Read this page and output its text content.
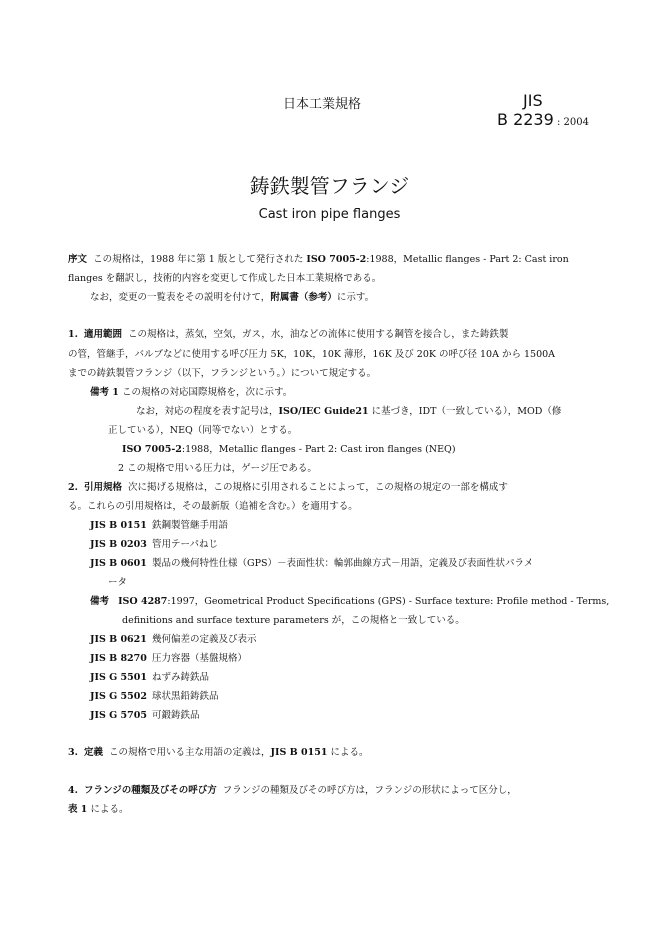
日本工業規格	JIS
B 2239 : 2004
鋳鉄製管フランジ
Cast iron pipe flanges
序文 この規格は，1988 年に第 1 版として発行された ISO 7005-2:1988，Metallic flanges - Part 2: Cast iron
flanges を翻訳し，技術的内容を変更して作成した日本工業規格である。
なお，変更の一覧表をその説明を付けて，附属書（参考）に示す。
1. 適用範囲 この規格は，蒸気，空気，ガス，水，油などの流体に使用する鋼管を接合し，また鋳鉄製
の管，管継手，バルブなどに使用する呼び圧力 5K，10K，10K 薄形，16K 及び 20K の呼び径 10A から 1500A
までの鋳鉄製管フランジ（以下，フランジという。）について規定する。
備考 1 この規格の対応国際規格を，次に示す。
なお，対応の程度を表す記号は，ISO/IEC Guide21 に基づき，IDT（一致している），MOD（修
正している），NEQ（同等でない）とする。
ISO 7005-2:1988，Metallic flanges - Part 2: Cast iron flanges (NEQ)
2 この規格で用いる圧力は，ゲージ圧である。
2. 引用規格 次に掲げる規格は，この規格に引用されることによって，この規格の規定の一部を構成す
る。これらの引用規格は，その最新版（追補を含む。）を適用する。
JIS B 0151 鉄鋼製管継手用語
JIS B 0203 管用テーパねじ
JIS B 0601 製品の幾何特性仕様（GPS）－表面性状：輪郭曲線方式－用語，定義及び表面性状パラメ
ータ
備考 ISO 4287:1997，Geometrical Product Specifications (GPS) - Surface texture: Profile method - Terms,
definitions and surface texture parameters が，この規格と一致している。
JIS B 0621 幾何偏差の定義及び表示
JIS B 8270 圧力容器（基盤規格）
JIS G 5501 ねずみ鋳鉄品
JIS G 5502 球状黒鉛鋳鉄品
JIS G 5705 可鍛鋳鉄品
3. 定義 この規格で用いる主な用語の定義は，JIS B 0151 による。
4. フランジの種類及びその呼び方 フランジの種類及びその呼び方は，フランジの形状によって区分し，
表 1 による。
